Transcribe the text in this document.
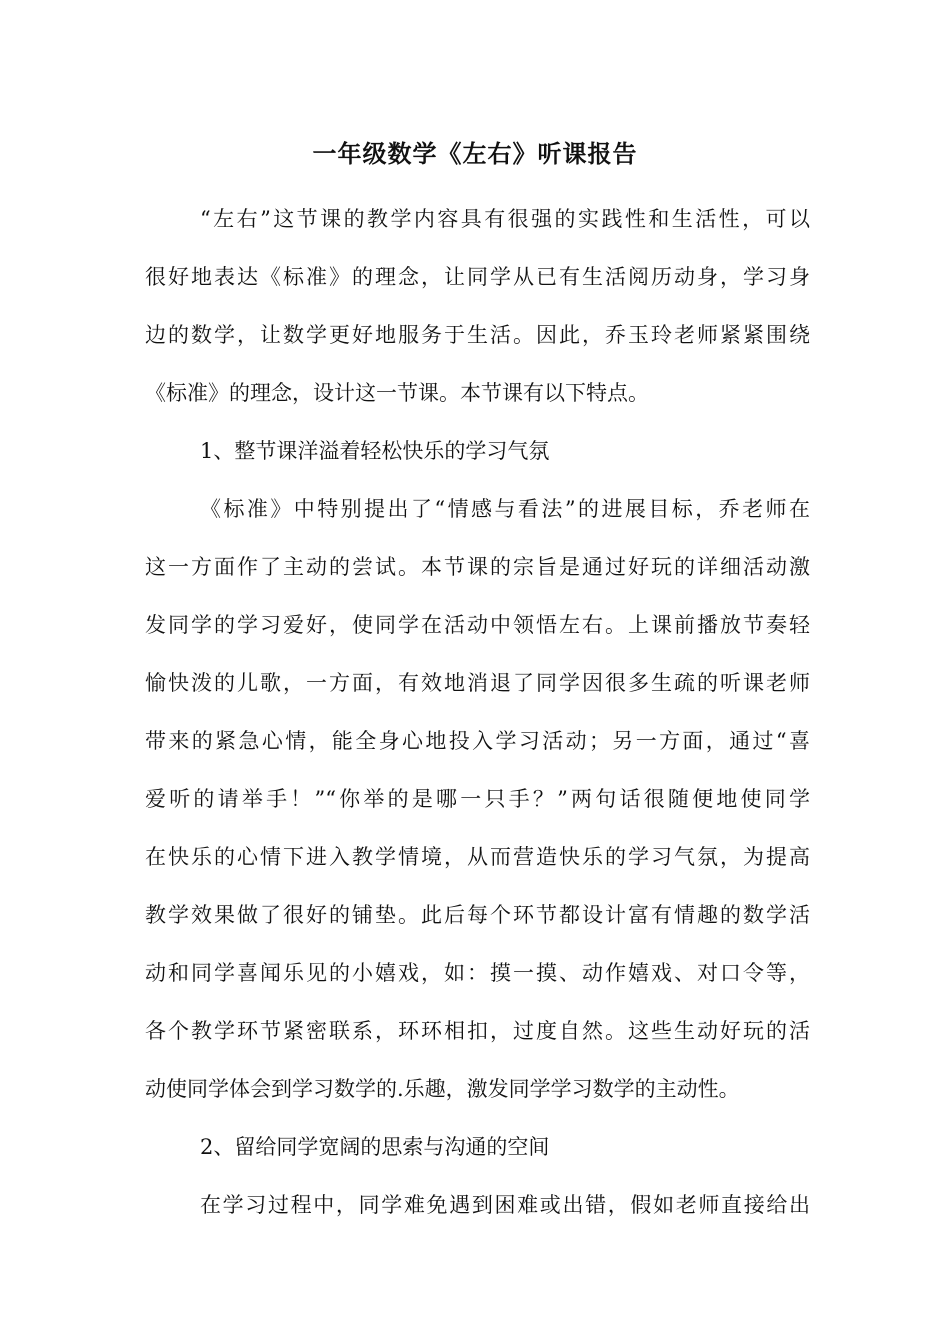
一年级数学《左右》听课报告
“左右”这节课的教学内容具有很强的实践性和生活性，可以
很好地表达《标准》的理念，让同学从已有生活阅历动身，学习身
边的数学，让数学更好地服务于生活。因此，乔玉玲老师紧紧围绕
《标准》的理念，设计这一节课。本节课有以下特点。
1、整节课洋溢着轻松快乐的学习气氛
《标准》中特别提出了“情感与看法”的进展目标，乔老师在
这一方面作了主动的尝试。本节课的宗旨是通过好玩的详细活动激
发同学的学习爱好，使同学在活动中领悟左右。上课前播放节奏轻
愉快泼的儿歌，一方面，有效地消退了同学因很多生疏的听课老师
带来的紧急心情，能全身心地投入学习活动；另一方面，通过“喜
爱听的请举手！”“你举的是哪一只手？”两句话很随便地使同学
在快乐的心情下进入教学情境，从而营造快乐的学习气氛，为提高
教学效果做了很好的铺垫。此后每个环节都设计富有情趣的数学活
动和同学喜闻乐见的小嬉戏，如：摸一摸、动作嬉戏、对口令等，
各个教学环节紧密联系，环环相扣，过度自然。这些生动好玩的活
动使同学体会到学习数学的.乐趣，激发同学学习数学的主动性。
2、留给同学宽阔的思索与沟通的空间
在学习过程中，同学难免遇到困难或出错，假如老师直接给出
